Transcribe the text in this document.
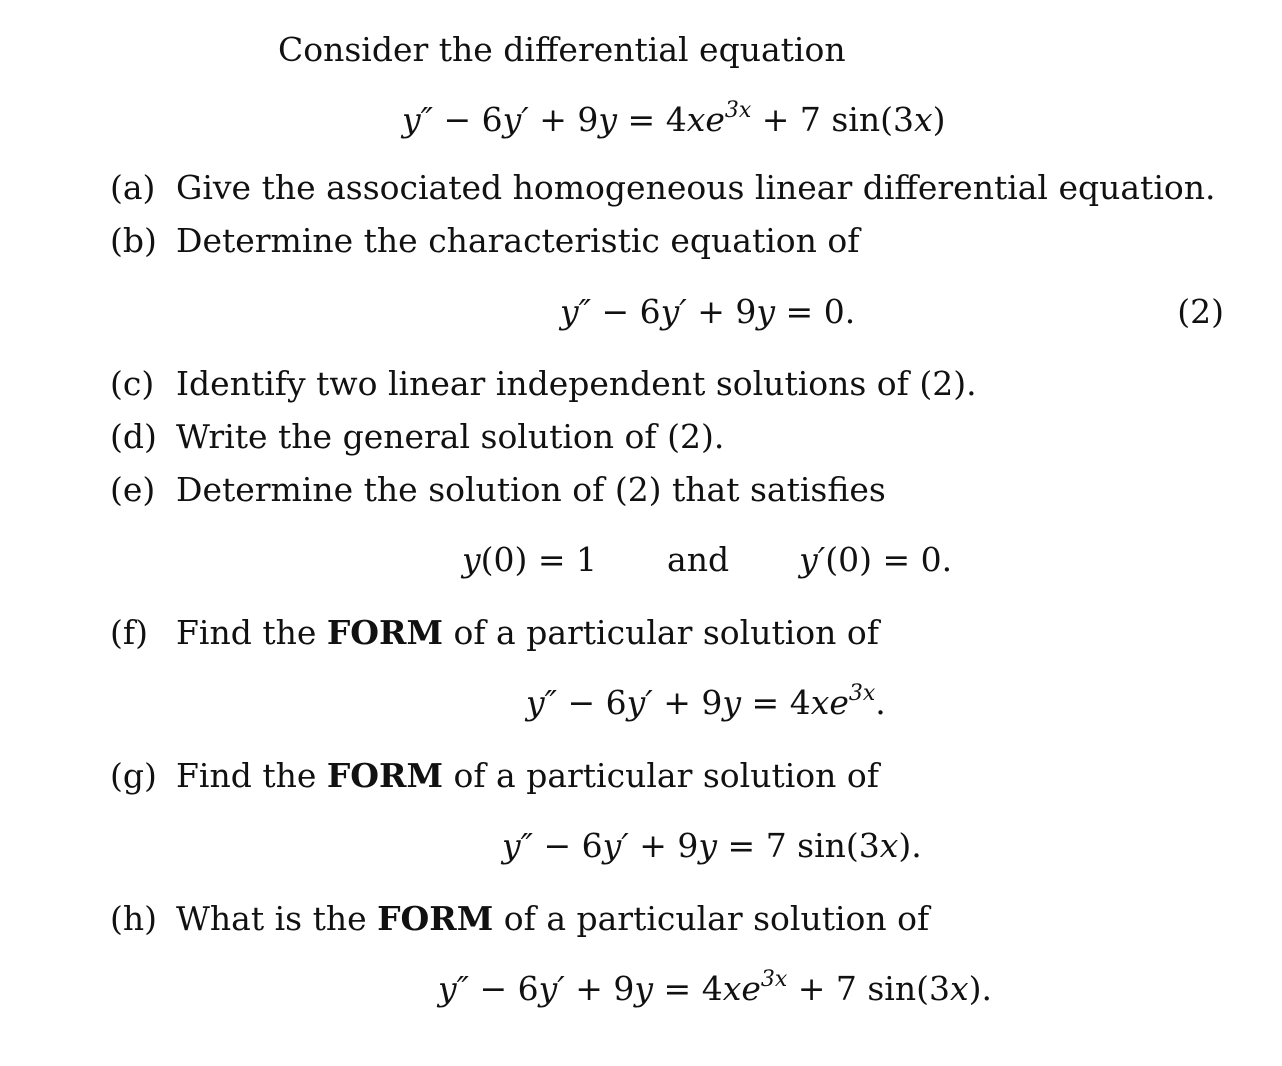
Consider the differential equation
$y'' - 6y' + 9y = 4xe^{3x} + 7$ sin(3x)
(a) Give the associated homogeneous linear differential equation.
(b) Determine the characteristic equation of
y″ − 6y′ + 9y = 0.	(2)
(c) Identify two linear independent solutions of (2).
(d) Write the general solution of (2).
(e) Determine the solution of (2) that satisfies
y(0) = 1 and y′(0) = 0.
(f) Find the FORM of a particular solution of
$y'' - 6y' + 9y = 4xe^{3x}$.
(g) Find the FORM of a particular solution of
y″ − 6y′ + 9y = 7 sin(3x).
(h) What is the FORM of a particular solution of
$y'' - 6y' + 9y = 4xe^{3x} + 7$ sin(3x).
